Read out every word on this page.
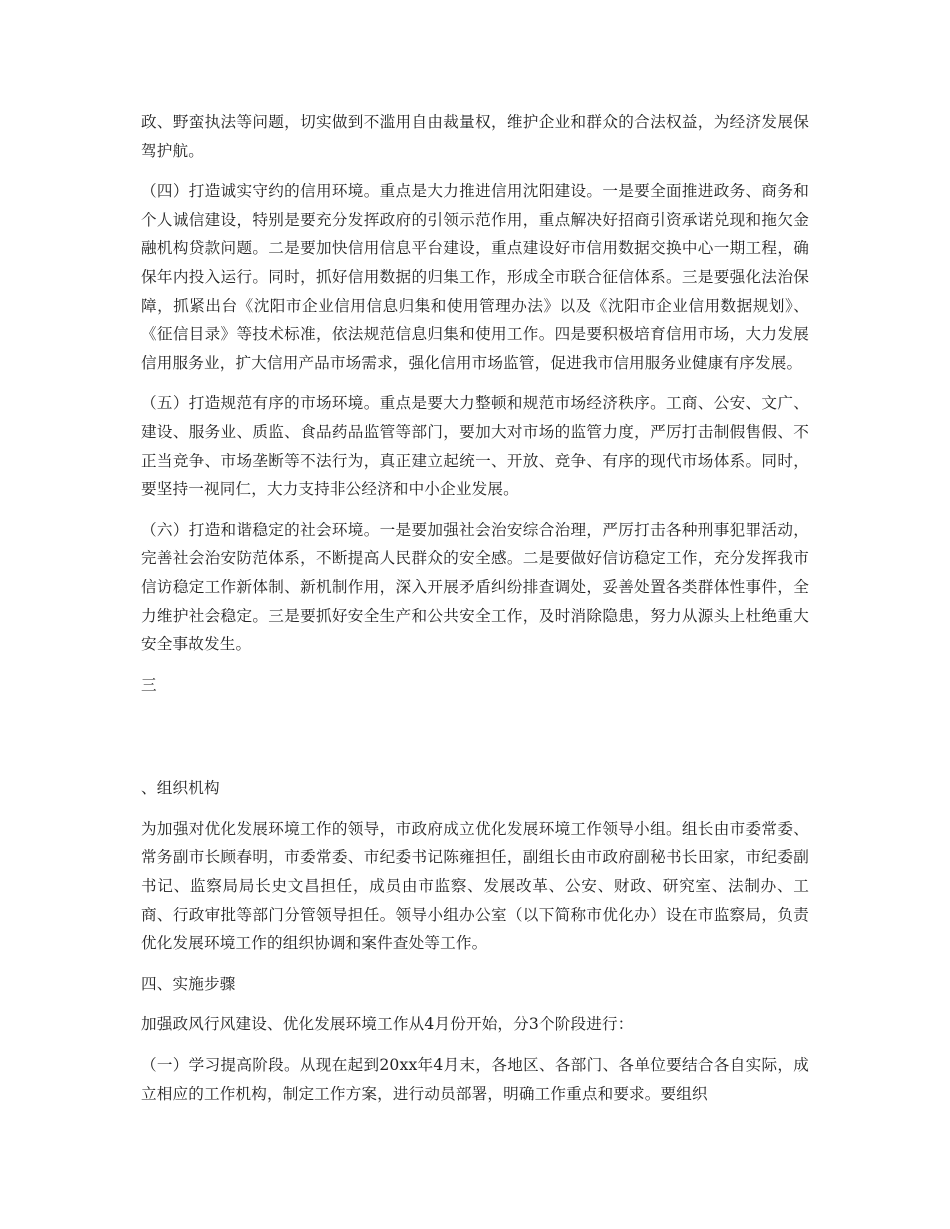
政、野蛮执法等问题，切实做到不滥用自由裁量权，维护企业和群众的合法权益，为经济发展保驾护航。

（四）打造诚实守约的信用环境。重点是大力推进信用沈阳建设。一是要全面推进政务、商务和个人诚信建设，特别是要充分发挥政府的引领示范作用，重点解决好招商引资承诺兑现和拖欠金融机构贷款问题。二是要加快信用信息平台建设，重点建设好市信用数据交换中心一期工程，确保年内投入运行。同时，抓好信用数据的归集工作，形成全市联合征信体系。三是要强化法治保障，抓紧出台《沈阳市企业信用信息归集和使用管理办法》以及《沈阳市企业信用数据规划》、《征信目录》等技术标准，依法规范信息归集和使用工作。四是要积极培育信用市场，大力发展信用服务业，扩大信用产品市场需求，强化信用市场监管，促进我市信用服务业健康有序发展。

（五）打造规范有序的市场环境。重点是要大力整顿和规范市场经济秩序。工商、公安、文广、建设、服务业、质监、食品药品监管等部门，要加大对市场的监管力度，严厉打击制假售假、不正当竞争、市场垄断等不法行为，真正建立起统一、开放、竞争、有序的现代市场体系。同时，要坚持一视同仁，大力支持非公经济和中小企业发展。

（六）打造和谐稳定的社会环境。一是要加强社会治安综合治理，严厉打击各种刑事犯罪活动，完善社会治安防范体系，不断提高人民群众的安全感。二是要做好信访稳定工作，充分发挥我市信访稳定工作新体制、新机制作用，深入开展矛盾纠纷排查调处，妥善处置各类群体性事件，全力维护社会稳定。三是要抓好安全生产和公共安全工作，及时消除隐患，努力从源头上杜绝重大安全事故发生。

三

、组织机构

为加强对优化发展环境工作的领导，市政府成立优化发展环境工作领导小组。组长由市委常委、常务副市长顾春明，市委常委、市纪委书记陈雍担任，副组长由市政府副秘书长田家，市纪委副书记、监察局局长史文昌担任，成员由市监察、发展改革、公安、财政、研究室、法制办、工商、行政审批等部门分管领导担任。领导小组办公室（以下简称市优化办）设在市监察局，负责优化发展环境工作的组织协调和案件查处等工作。

四、实施步骤

加强政风行风建设、优化发展环境工作从4月份开始，分3个阶段进行：

（一）学习提高阶段。从现在起到20xx年4月末，各地区、各部门、各单位要结合各自实际，成立相应的工作机构，制定工作方案，进行动员部署，明确工作重点和要求。要组织
